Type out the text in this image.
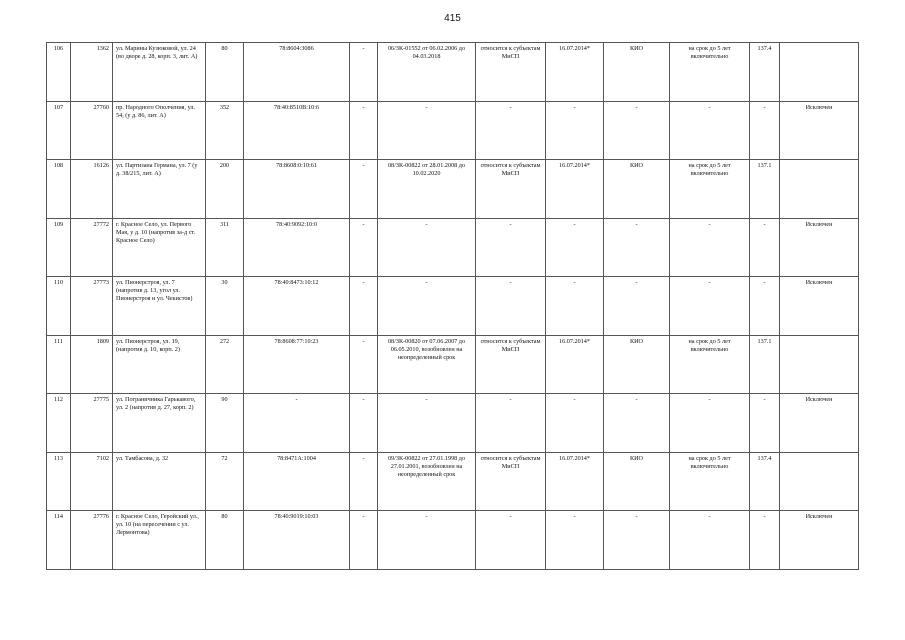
415
106	1362	ул. Марины Кузюковой, ул. 24 (во дворе д. 28, корп. 3, лит. А)	80	78:8604:3086	-	06/ЗК-01552 от 06.02.2006 до 04.03.2018	относится к субъектам МиСП	16.07.2014*	КИО	на срок до 5 лет включительно	137.4	
107	27760	пр. Народного Ополчения, ул. 54, (у д. 86, лит. А)	352	78:40:8510В:10:6	-	-	-	-	-	-	-	Исключен
108	16126	ул. Партизана Германа, ул. 7 (у д. 38/215, лит. А)	200	78:8608:0:10:61	-	08/ЗК-00822 от 28.01.2008 до 10.02.2020	относится к субъектам МиСП	16.07.2014*	КИО	на срок до 5 лет включительно	137.1	
109	27772	г. Красное Село, ул. Первого Мая, у д. 10 (напротив за-д ст. Красное Село)	311	78:40:9092:10:0	-	-	-	-	-	-	-	Исключен
110	27773	ул. Пионерстроя, ул. 7 (напротив д. 13, угол ул. Пионерстроя и ул. Чекистов)	30	78:40:8473:10:12	-	-	-	-	-	-	-	Исключен
111	1809	ул. Пионерстроя, ул. 19, (напротив д. 10, корп. 2)	272	78:8608:77:10:23	-	08/ЗК-00820 от 07.06.2007 до 06.05.2010, возобновлен на неопределенный срок	относится к субъектам МиСП	16.07.2014*	КИО	на срок до 5 лет включительно	137.1	
112	27775	ул. Пограничника Гарькавого, ул. 2 (напротив д. 27, корп. 2)	90	-	-	-	-	-	-	-	-	Исключен
113	7102	ул. Тамбасова, д. 32	72	78:8471A:1004	-	09/ЗК-00822 от 27.01.1998 до 27.01.2001, возобновлен на неопределенный срок	относится к субъектам МиСП	16.07.2014*	КИО	на срок до 5 лет включительно	137.4	
114	27776	г. Красное Село, Геройский ул., ул. 10 (на пересечении с ул. Лермонтова)	80	78:40:9019:10:03	-	-	-	-	-	-	-	Исключен
